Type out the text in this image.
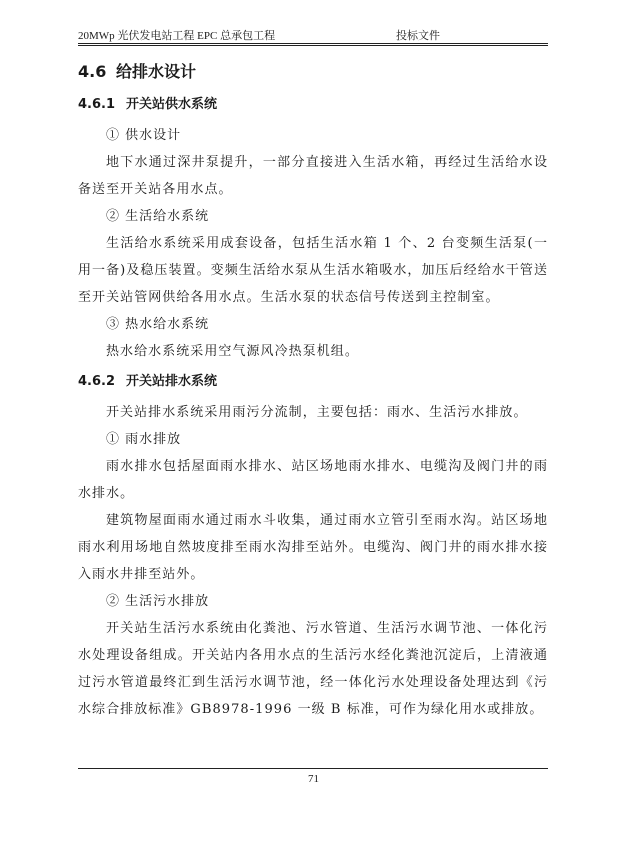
20MWp 光伏发电站工程 EPC 总承包工程	投标文件
4.6 给排水设计
4.6.1 开关站供水系统
① 供水设计

地下水通过深井泵提升，一部分直接进入生活水箱，再经过生活给水设备送至开关站各用水点。

② 生活给水系统

生活给水系统采用成套设备，包括生活水箱 1 个、2 台变频生活泵(一用一备)及稳压装置。变频生活给水泵从生活水箱吸水，加压后经给水干管送至开关站管网供给各用水点。生活水泵的状态信号传送到主控制室。

③ 热水给水系统

热水给水系统采用空气源风冷热泵机组。

4.6.2 开关站排水系统

开关站排水系统采用雨污分流制，主要包括：雨水、生活污水排放。

① 雨水排放

雨水排水包括屋面雨水排水、站区场地雨水排水、电缆沟及阀门井的雨水排水。

建筑物屋面雨水通过雨水斗收集，通过雨水立管引至雨水沟。站区场地雨水利用场地自然坡度排至雨水沟排至站外。电缆沟、阀门井的雨水排水接入雨水井排至站外。

② 生活污水排放

开关站生活污水系统由化粪池、污水管道、生活污水调节池、一体化污水处理设备组成。开关站内各用水点的生活污水经化粪池沉淀后，上清液通过污水管道最终汇到生活污水调节池，经一体化污水处理设备处理达到《污水综合排放标准》GB8978-1996 一级 B 标准，可作为绿化用水或排放。

71
